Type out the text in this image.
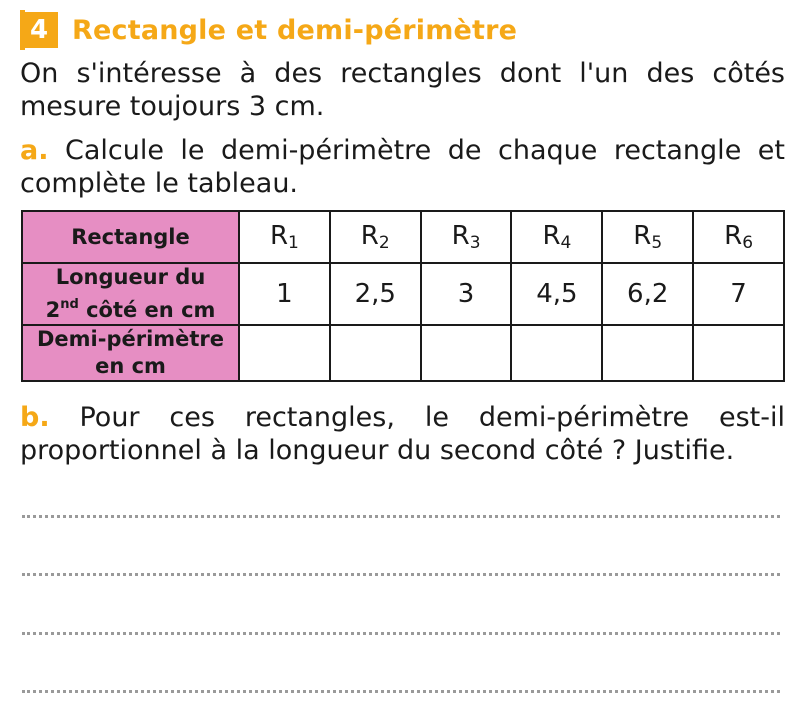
4 Rectangle et demi-périmètre
On s'intéresse à des rectangles dont l'un des côtés mesure toujours 3 cm.
a. Calcule le demi-périmètre de chaque rectangle et complète le tableau.
Rectangle	$R_1$	$R_2$	$R_3$	$R_4$	$R_5$	$R_6$
Longueur du
2nd côté en cm	1	2,5	3	4,5	6,2	7
Demi-périmètre
en cm						
b. Pour ces rectangles, le demi-périmètre est-il proportionnel à la longueur du second côté ? Justifie.
